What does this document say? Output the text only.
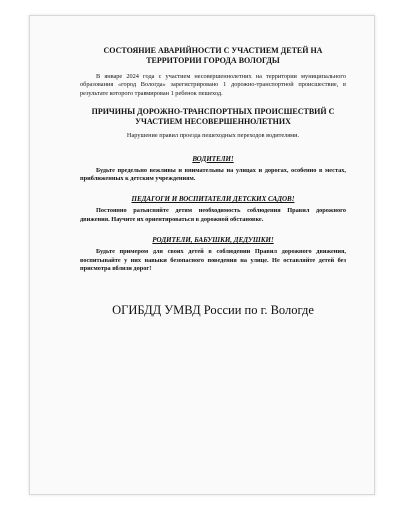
СОСТОЯНИЕ АВАРИЙНОСТИ С УЧАСТИЕМ ДЕТЕЙ НА ТЕРРИТОРИИ ГОРОДА ВОЛОГДЫ

В январе 2024 года с участием несовершеннолетних на территории муниципального образования «город Вологда» зарегистрировано 1 дорожно-транспортной происшествие, в результате которого травмирован 1 ребенок пешеход.

ПРИЧИНЫ ДОРОЖНО-ТРАНСПОРТНЫХ ПРОИСШЕСТВИЙ С УЧАСТИЕМ НЕСОВЕРШЕННОЛЕТНИХ

Нарушение правил проезда пешеходных переходов водителями.

ВОДИТЕЛИ!

Будьте предельно вежливы и внимательны на улицах и дорогах, особенно в местах, приближенных к детским учреждениям.

ПЕДАГОГИ И ВОСПИТАТЕЛИ ДЕТСКИХ САДОВ!

Постоянно разъясняйте детям необходимость соблюдения Правил дорожного движения. Научите их ориентироваться в дорожной обстановке.

РОДИТЕЛИ, БАБУШКИ, ДЕДУШКИ!

Будьте примером для своих детей в соблюдении Правил дорожного движения, воспитывайте у них навыки безопасного поведения на улице. Не оставляйте детей без присмотра вблизи дорог!

ОГИБДД УМВД России по г. Вологде
